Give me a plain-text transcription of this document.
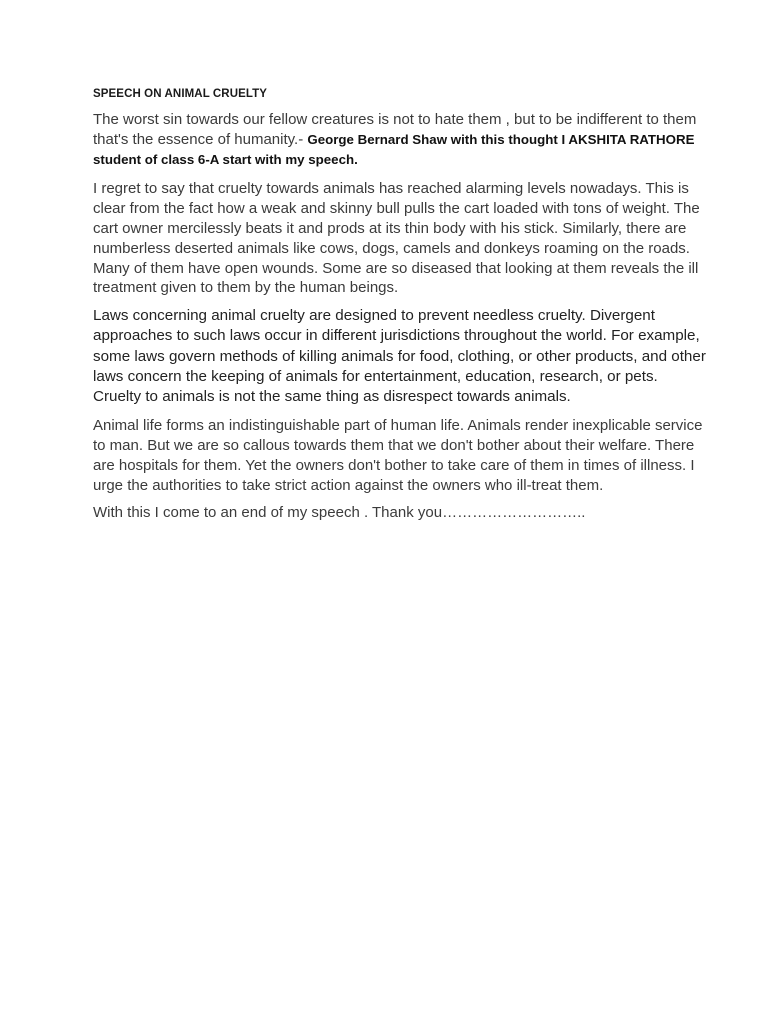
SPEECH ON ANIMAL CRUELTY

The worst sin towards our fellow creatures is not to hate them , but to be indifferent to them that's the essence of humanity.- George Bernard Shaw with this thought I AKSHITA RATHORE student of class 6-A start with my speech.

I regret to say that cruelty towards animals has reached alarming levels nowadays. This is clear from the fact how a weak and skinny bull pulls the cart loaded with tons of weight. The cart owner mercilessly beats it and prods at its thin body with his stick. Similarly, there are numberless deserted animals like cows, dogs, camels and donkeys roaming on the roads. Many of them have open wounds. Some are so diseased that looking at them reveals the ill treatment given to them by the human beings.

Laws concerning animal cruelty are designed to prevent needless cruelty. Divergent approaches to such laws occur in different jurisdictions throughout the world. For example, some laws govern methods of killing animals for food, clothing, or other products, and other laws concern the keeping of animals for entertainment, education, research, or pets. Cruelty to animals is not the same thing as disrespect towards animals.

Animal life forms an indistinguishable part of human life. Animals render inexplicable service to man. But we are so callous towards them that we don't bother about their welfare. There are hospitals for them. Yet the owners don't bother to take care of them in times of illness. I urge the authorities to take strict action against the owners who ill-treat them.

With this I come to an end of my speech . Thank you………………………..
